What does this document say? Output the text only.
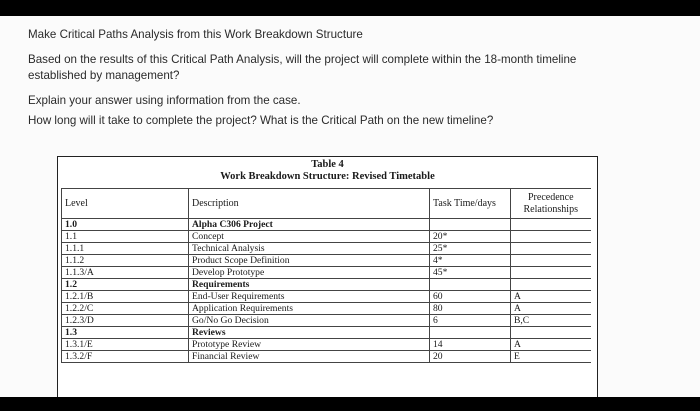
Make Critical Paths Analysis from this Work Breakdown Structure
Based on the results of this Critical Path Analysis, will the project will complete within the 18-month timeline
established by management?
Explain your answer using information from the case.
How long will it take to complete the project? What is the Critical Path on the new timeline?
Table 4
Work Breakdown Structure: Revised Timetable
Level	Description	Task Time/days	Precedence Relationships
1.0	Alpha C306 Project		
1.1	Concept	20*	
1.1.1	Technical Analysis	25*	
1.1.2	Product Scope Definition	4*	
1.1.3/A	Develop Prototype	45*	
1.2	Requirements		
1.2.1/B	End-User Requirements	60	A
1.2.2/C	Application Requirements	80	A
1.2.3/D	Go/No Go Decision	6	B,C
1.3	Reviews		
1.3.1/E	Prototype Review	14	A
1.3.2/F	Financial Review	20	E
